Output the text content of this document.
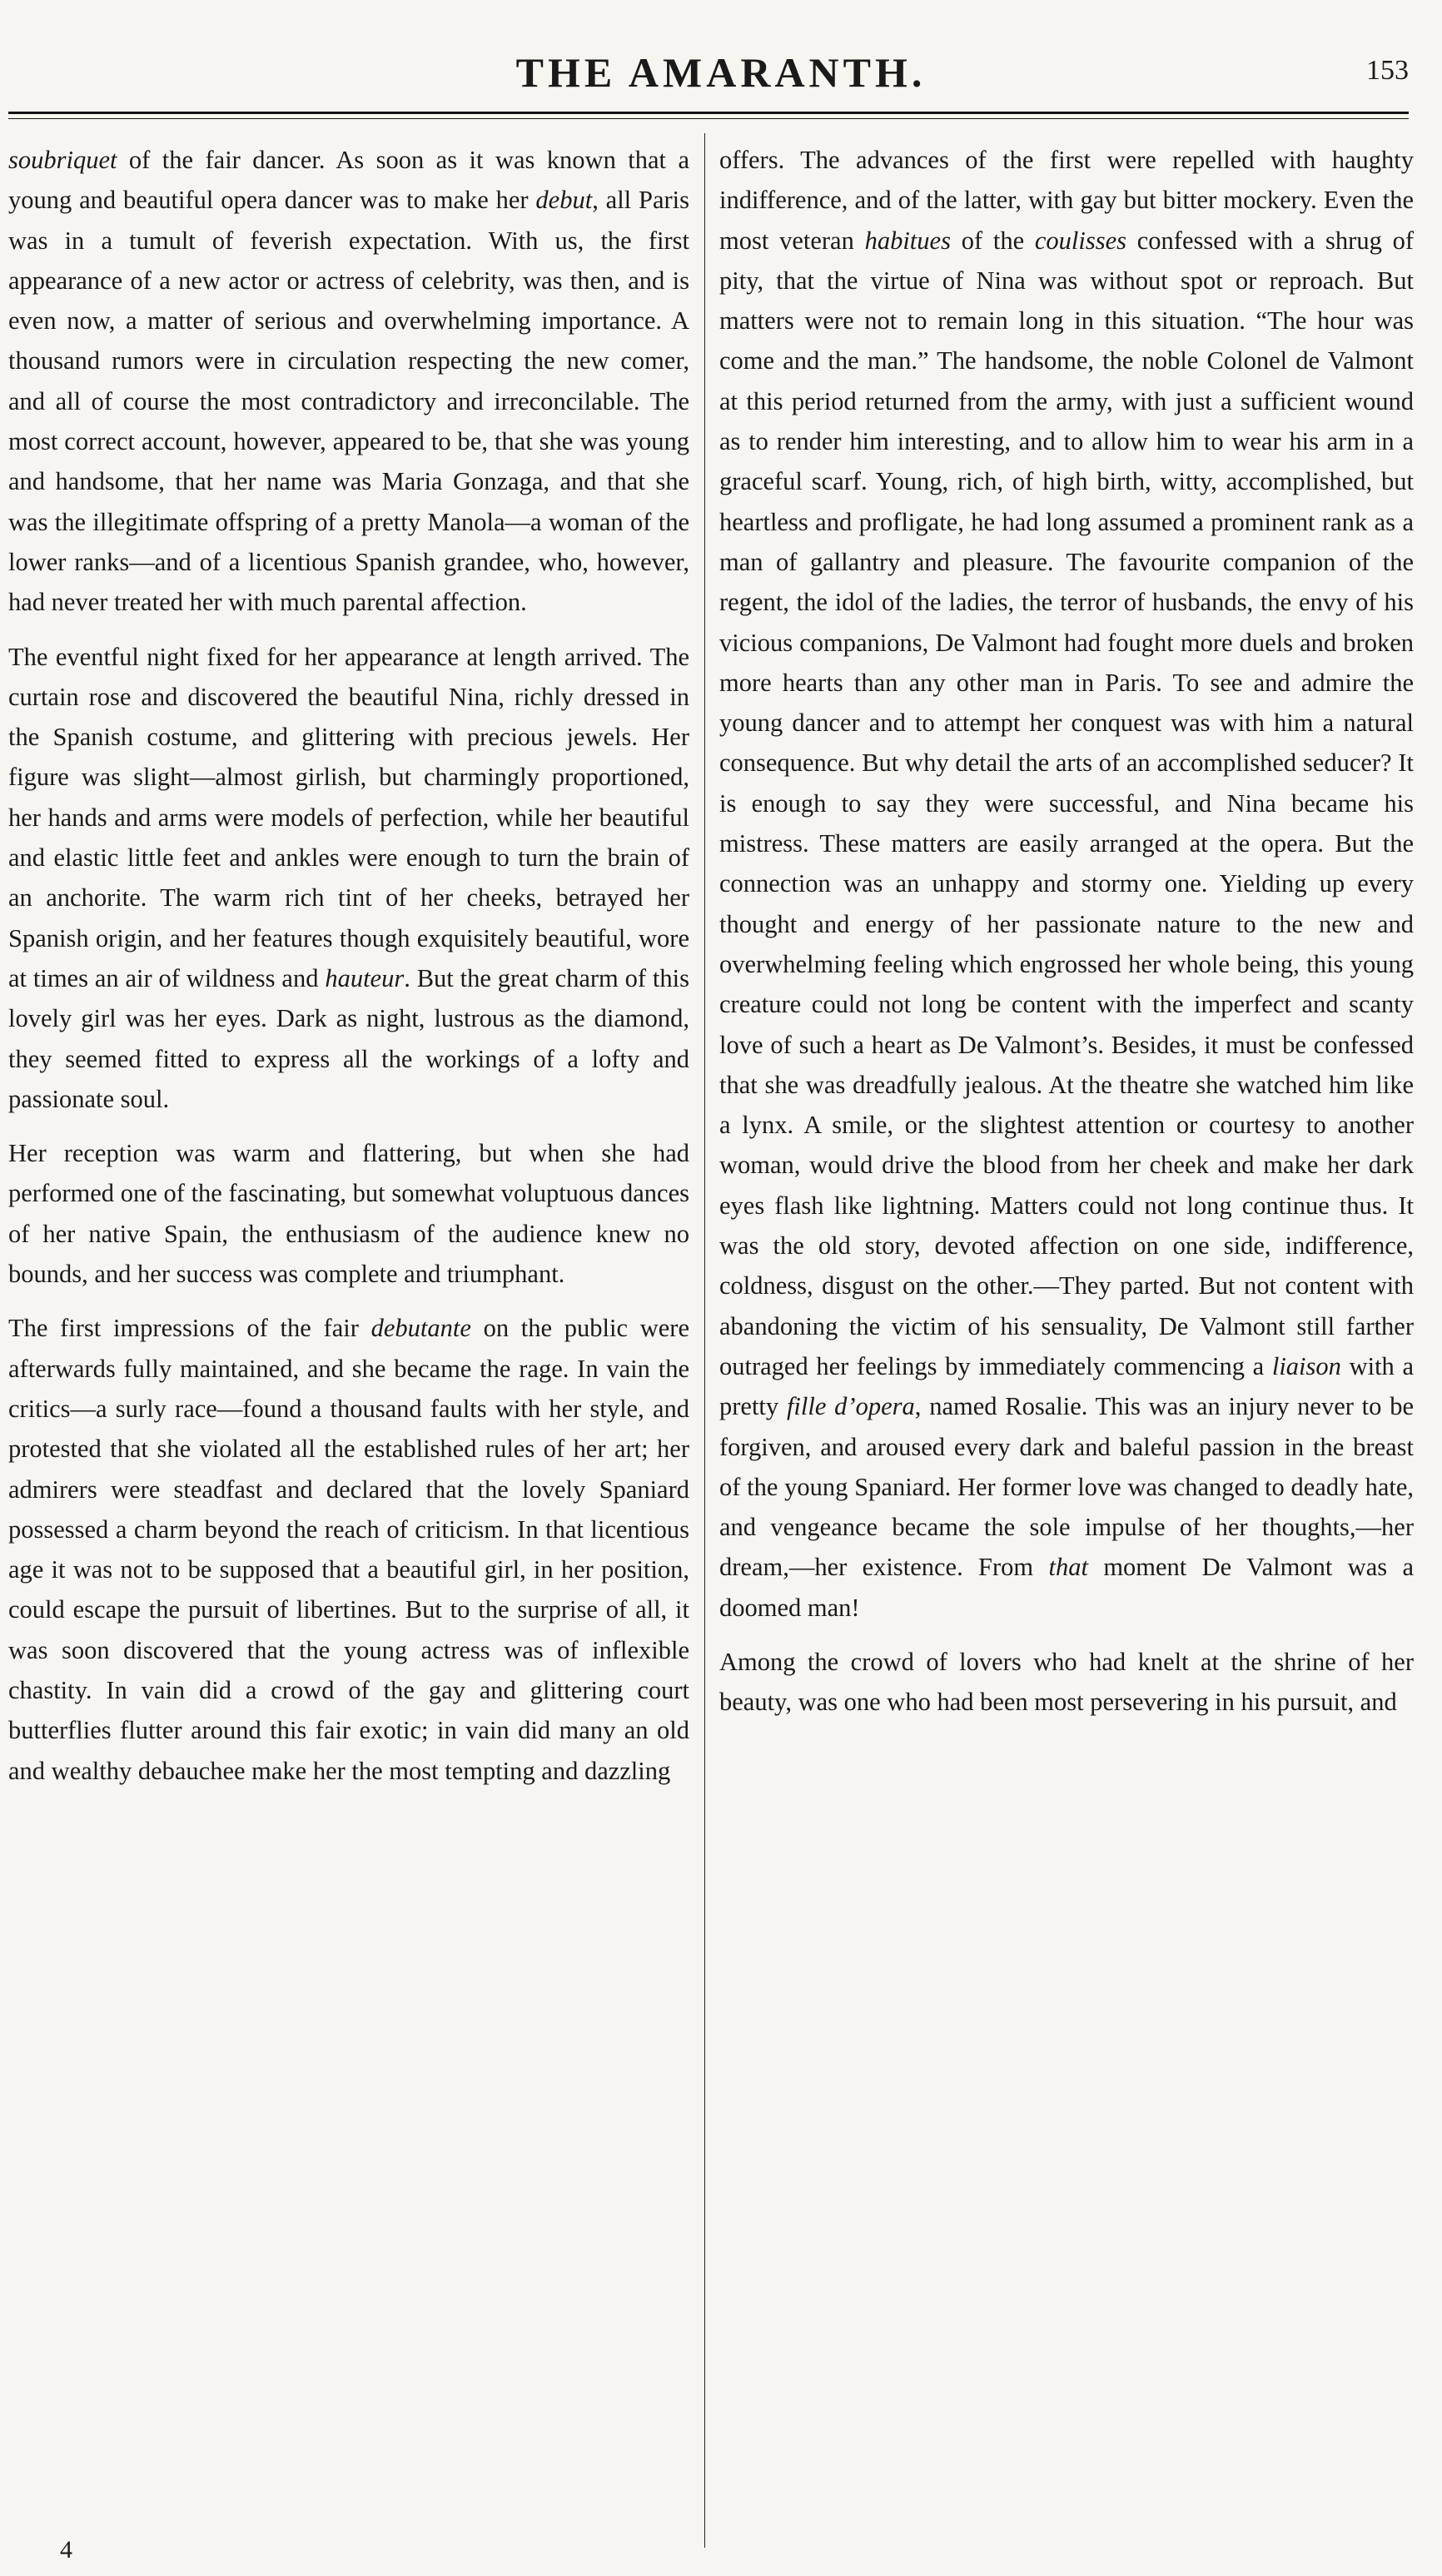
THE AMARANTH.	153

soubriquet of the fair dancer. As soon as it was known that a young and beautiful opera dancer was to make her debut, all Paris was in a tumult of feverish expectation. With us, the first appearance of a new actor or actress of celebrity, was then, and is even now, a matter of serious and overwhelming importance. A thousand rumors were in circulation respecting the new comer, and all of course the most contradictory and irreconcilable. The most correct account, however, appeared to be, that she was young and handsome, that her name was Maria Gonzaga, and that she was the illegitimate offspring of a pretty Manola—a woman of the lower ranks—and of a licentious Spanish grandee, who, however, had never treated her with much parental affection.

The eventful night fixed for her appearance at length arrived. The curtain rose and discovered the beautiful Nina, richly dressed in the Spanish costume, and glittering with precious jewels. Her figure was slight—almost girlish, but charmingly proportioned, her hands and arms were models of perfection, while her beautiful and elastic little feet and ankles were enough to turn the brain of an anchorite. The warm rich tint of her cheeks, betrayed her Spanish origin, and her features though exquisitely beautiful, wore at times an air of wildness and hauteur. But the great charm of this lovely girl was her eyes. Dark as night, lustrous as the diamond, they seemed fitted to express all the workings of a lofty and passionate soul.

Her reception was warm and flattering, but when she had performed one of the fascinating, but somewhat voluptuous dances of her native Spain, the enthusiasm of the audience knew no bounds, and her success was complete and triumphant.

The first impressions of the fair debutante on the public were afterwards fully maintained, and she became the rage. In vain the critics—a surly race—found a thousand faults with her style, and protested that she violated all the established rules of her art; her admirers were steadfast and declared that the lovely Spaniard possessed a charm beyond the reach of criticism. In that licentious age it was not to be supposed that a beautiful girl, in her position, could escape the pursuit of libertines. But to the surprise of all, it was soon discovered that the young actress was of inflexible chastity. In vain did a crowd of the gay and glittering court butterflies flutter around this fair exotic; in vain did many an old and wealthy debauchee make her the most tempting and dazzling

offers. The advances of the first were repelled with haughty indifference, and of the latter, with gay but bitter mockery. Even the most veteran habitues of the coulisses confessed with a shrug of pity, that the virtue of Nina was without spot or reproach. But matters were not to remain long in this situation. “The hour was come and the man.” The handsome, the noble Colonel de Valmont at this period returned from the army, with just a sufficient wound as to render him interesting, and to allow him to wear his arm in a graceful scarf. Young, rich, of high birth, witty, accomplished, but heartless and profligate, he had long assumed a prominent rank as a man of gallantry and pleasure. The favourite companion of the regent, the idol of the ladies, the terror of husbands, the envy of his vicious companions, De Valmont had fought more duels and broken more hearts than any other man in Paris. To see and admire the young dancer and to attempt her conquest was with him a natural consequence. But why detail the arts of an accomplished seducer? It is enough to say they were successful, and Nina became his mistress. These matters are easily arranged at the opera. But the connection was an unhappy and stormy one. Yielding up every thought and energy of her passionate nature to the new and overwhelming feeling which engrossed her whole being, this young creature could not long be content with the imperfect and scanty love of such a heart as De Valmont’s. Besides, it must be confessed that she was dreadfully jealous. At the theatre she watched him like a lynx. A smile, or the slightest attention or courtesy to another woman, would drive the blood from her cheek and make her dark eyes flash like lightning. Matters could not long continue thus. It was the old story, devoted affection on one side, indifference, coldness, disgust on the other.—They parted. But not content with abandoning the victim of his sensuality, De Valmont still farther outraged her feelings by immediately commencing a liaison with a pretty fille d’opera, named Rosalie. This was an injury never to be forgiven, and aroused every dark and baleful passion in the breast of the young Spaniard. Her former love was changed to deadly hate, and vengeance became the sole impulse of her thoughts,—her dream,—her existence. From that moment De Valmont was a doomed man!

Among the crowd of lovers who had knelt at the shrine of her beauty, was one who had been most persevering in his pursuit, and

4
